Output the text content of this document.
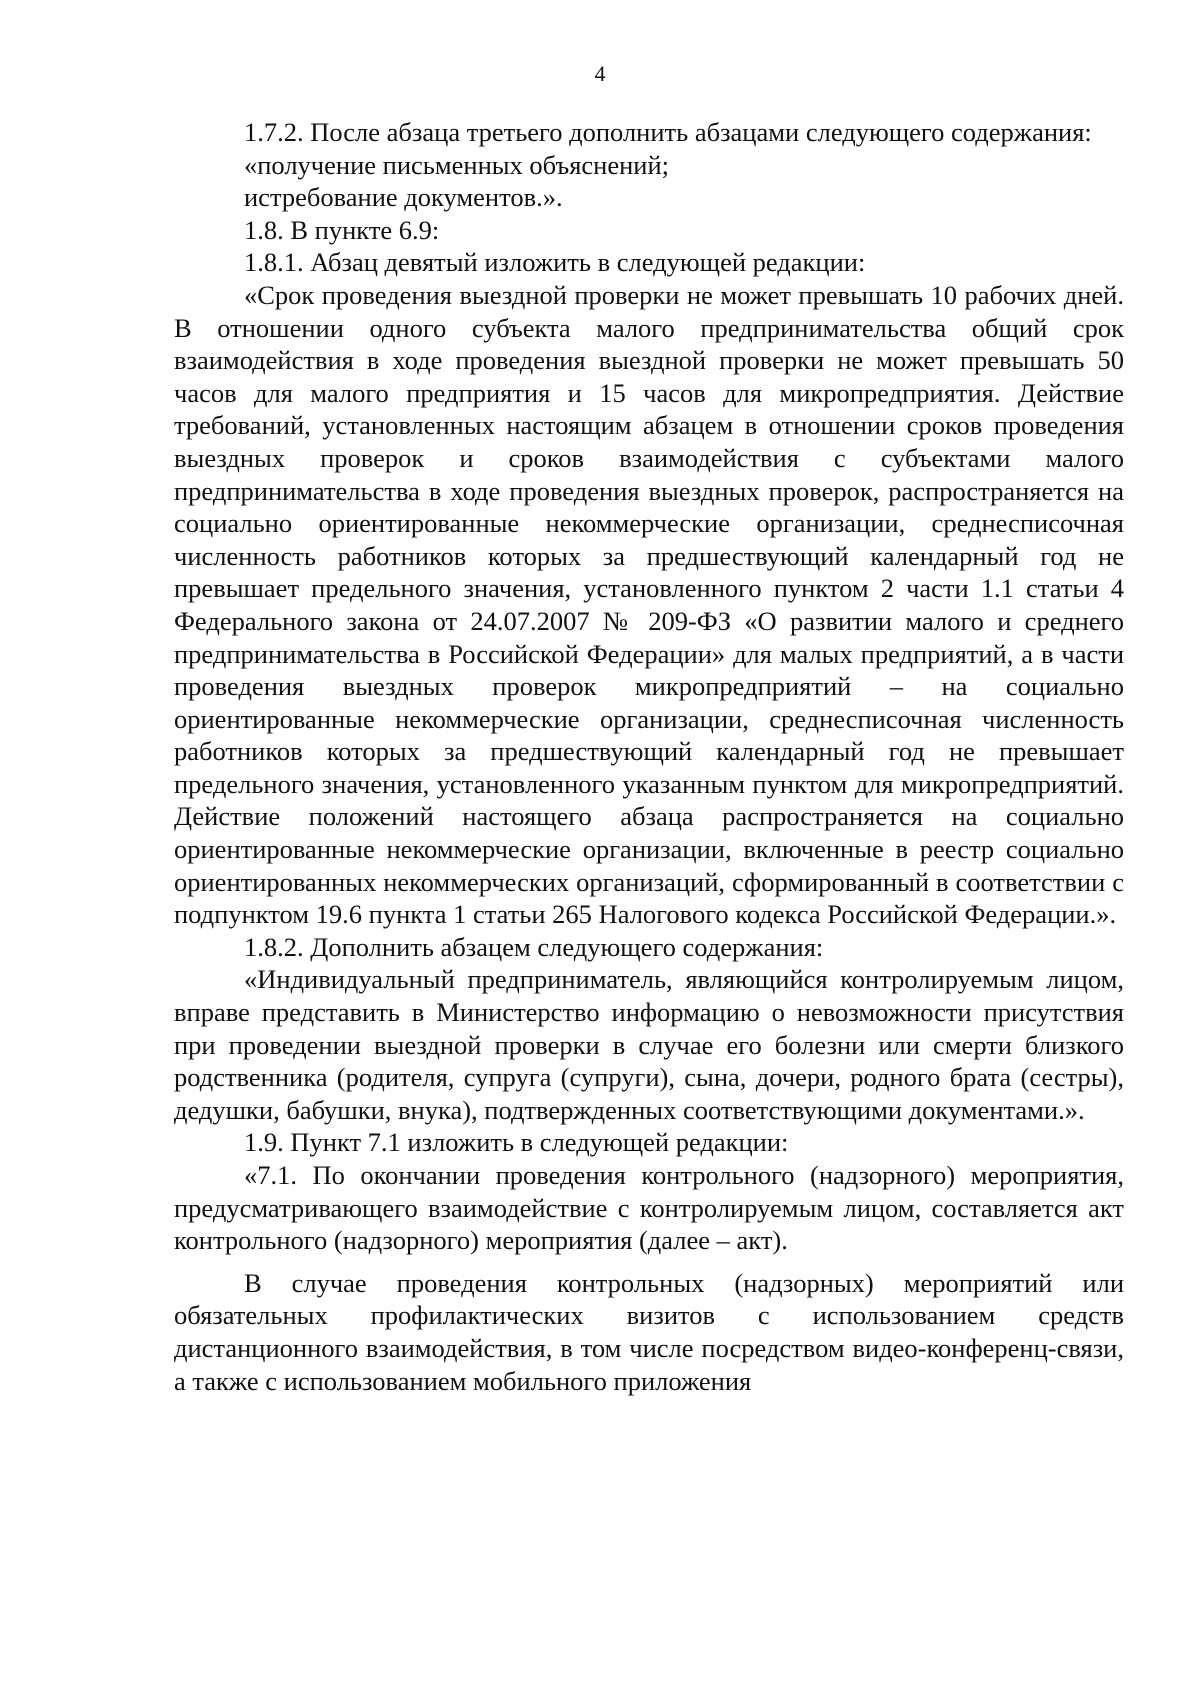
4

1.7.2. После абзаца третьего дополнить абзацами следующего содержания:

«получение письменных объяснений;

истребование документов.».

1.8. В пункте 6.9:

1.8.1. Абзац девятый изложить в следующей редакции:

«Срок проведения выездной проверки не может превышать 10 рабочих дней. В отношении одного субъекта малого предпринимательства общий срок взаимодействия в ходе проведения выездной проверки не может превышать 50 часов для малого предприятия и 15 часов для микропредприятия. Действие требований, установленных настоящим абзацем в отношении сроков проведения выездных проверок и сроков взаимодействия с субъектами малого предпринимательства в ходе проведения выездных проверок, распространяется на социально ориентированные некоммерческие организации, среднесписочная численность работников которых за предшествующий календарный год не превышает предельного значения, установленного пунктом 2 части 1.1 статьи 4 Федерального закона от 24.07.2007 № 209-ФЗ «О развитии малого и среднего предпринимательства в Российской Федерации» для малых предприятий, а в части проведения выездных проверок микропредприятий – на социально ориентированные некоммерческие организации, среднесписочная численность работников которых за предшествующий календарный год не превышает предельного значения, установленного указанным пунктом для микропредприятий. Действие положений настоящего абзаца распространяется на социально ориентированные некоммерческие организации, включенные в реестр социально ориентированных некоммерческих организаций, сформированный в соответствии с подпунктом 19.6 пункта 1 статьи 265 Налогового кодекса Российской Федерации.».

1.8.2. Дополнить абзацем следующего содержания:

«Индивидуальный предприниматель, являющийся контролируемым лицом, вправе представить в Министерство информацию о невозможности присутствия при проведении выездной проверки в случае его болезни или смерти близкого родственника (родителя, супруга (супруги), сына, дочери, родного брата (сестры), дедушки, бабушки, внука), подтвержденных соответствующими документами.».

1.9. Пункт 7.1 изложить в следующей редакции:

«7.1. По окончании проведения контрольного (надзорного) мероприятия, предусматривающего взаимодействие с контролируемым лицом, составляется акт контрольного (надзорного) мероприятия (далее – акт).

В случае проведения контрольных (надзорных) мероприятий или обязательных профилактических визитов с использованием средств дистанционного взаимодействия, в том числе посредством видео-конференц-связи, а также с использованием мобильного приложения
